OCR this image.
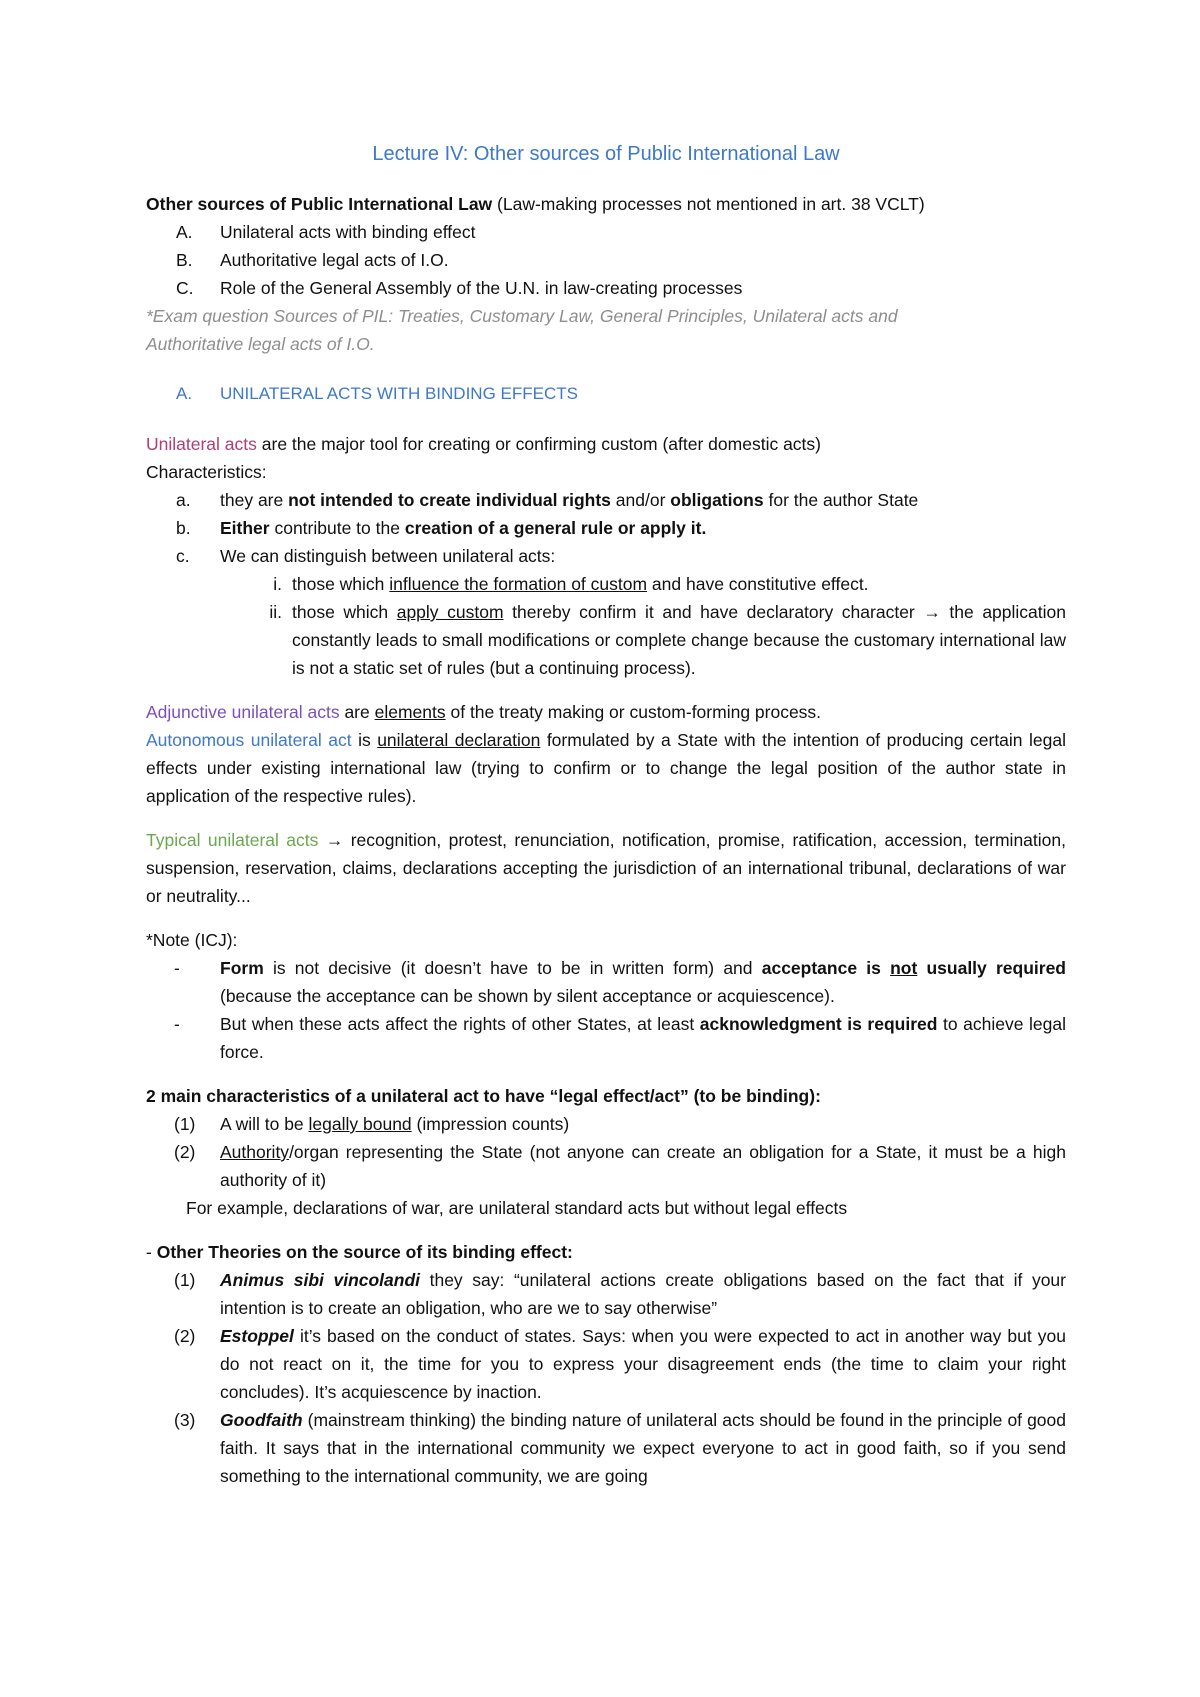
Lecture IV: Other sources of Public International Law
Other sources of Public International Law (Law-making processes not mentioned in art. 38 VCLT)
A. Unilateral acts with binding effect
B. Authoritative legal acts of I.O.
C. Role of the General Assembly of the U.N. in law-creating processes
*Exam question Sources of PIL: Treaties, Customary Law, General Principles, Unilateral acts and Authoritative legal acts of I.O.
A. UNILATERAL ACTS WITH BINDING EFFECTS
Unilateral acts are the major tool for creating or confirming custom (after domestic acts)
Characteristics:
a. they are not intended to create individual rights and/or obligations for the author State
b. Either contribute to the creation of a general rule or apply it.
c. We can distinguish between unilateral acts:
i. those which influence the formation of custom and have constitutive effect.
ii. those which apply custom thereby confirm it and have declaratory character → the application constantly leads to small modifications or complete change because the customary international law is not a static set of rules (but a continuing process).
Adjunctive unilateral acts are elements of the treaty making or custom-forming process.
Autonomous unilateral act is unilateral declaration formulated by a State with the intention of producing certain legal effects under existing international law (trying to confirm or to change the legal position of the author state in application of the respective rules).
Typical unilateral acts → recognition, protest, renunciation, notification, promise, ratification, accession, termination, suspension, reservation, claims, declarations accepting the jurisdiction of an international tribunal, declarations of war or neutrality...
*Note (ICJ):
- Form is not decisive (it doesn’t have to be in written form) and acceptance is not usually required (because the acceptance can be shown by silent acceptance or acquiescence).
- But when these acts affect the rights of other States, at least acknowledgment is required to achieve legal force.
2 main characteristics of a unilateral act to have “legal effect/act” (to be binding):
(1) A will to be legally bound (impression counts)
(2) Authority/organ representing the State (not anyone can create an obligation for a State, it must be a high authority of it)
For example, declarations of war, are unilateral standard acts but without legal effects
- Other Theories on the source of its binding effect:
(1) Animus sibi vincolandi they say: “unilateral actions create obligations based on the fact that if your intention is to create an obligation, who are we to say otherwise”
(2) Estoppel it’s based on the conduct of states. Says: when you were expected to act in another way but you do not react on it, the time for you to express your disagreement ends (the time to claim your right concludes). It’s acquiescence by inaction.
(3) Goodfaith (mainstream thinking) the binding nature of unilateral acts should be found in the principle of good faith. It says that in the international community we expect everyone to act in good faith, so if you send something to the international community, we are going
